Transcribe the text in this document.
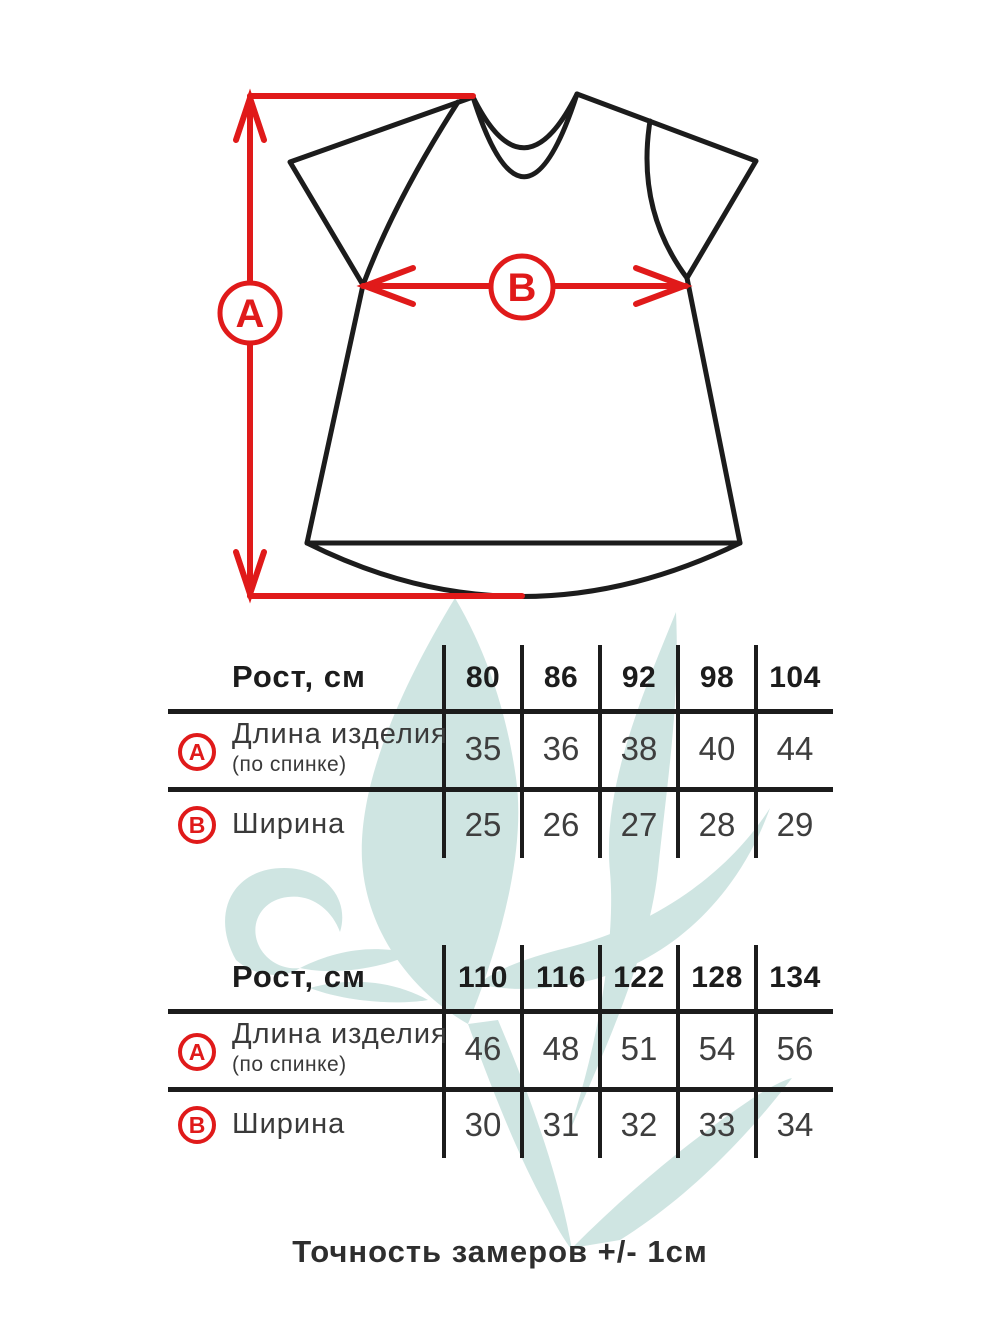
A
B
Рост, см	80	86	92	98	104
A
Длина изделия
(по спинке)	35	36	38	40	44
B Ширина	25	26	27	28	29
Рост, см	110 116 122 128 134
A
Длина изделия
(по спинке)	46	48	51	54	56
B Ширина	30	31	32	33	34
Точность замеров +/- 1см
